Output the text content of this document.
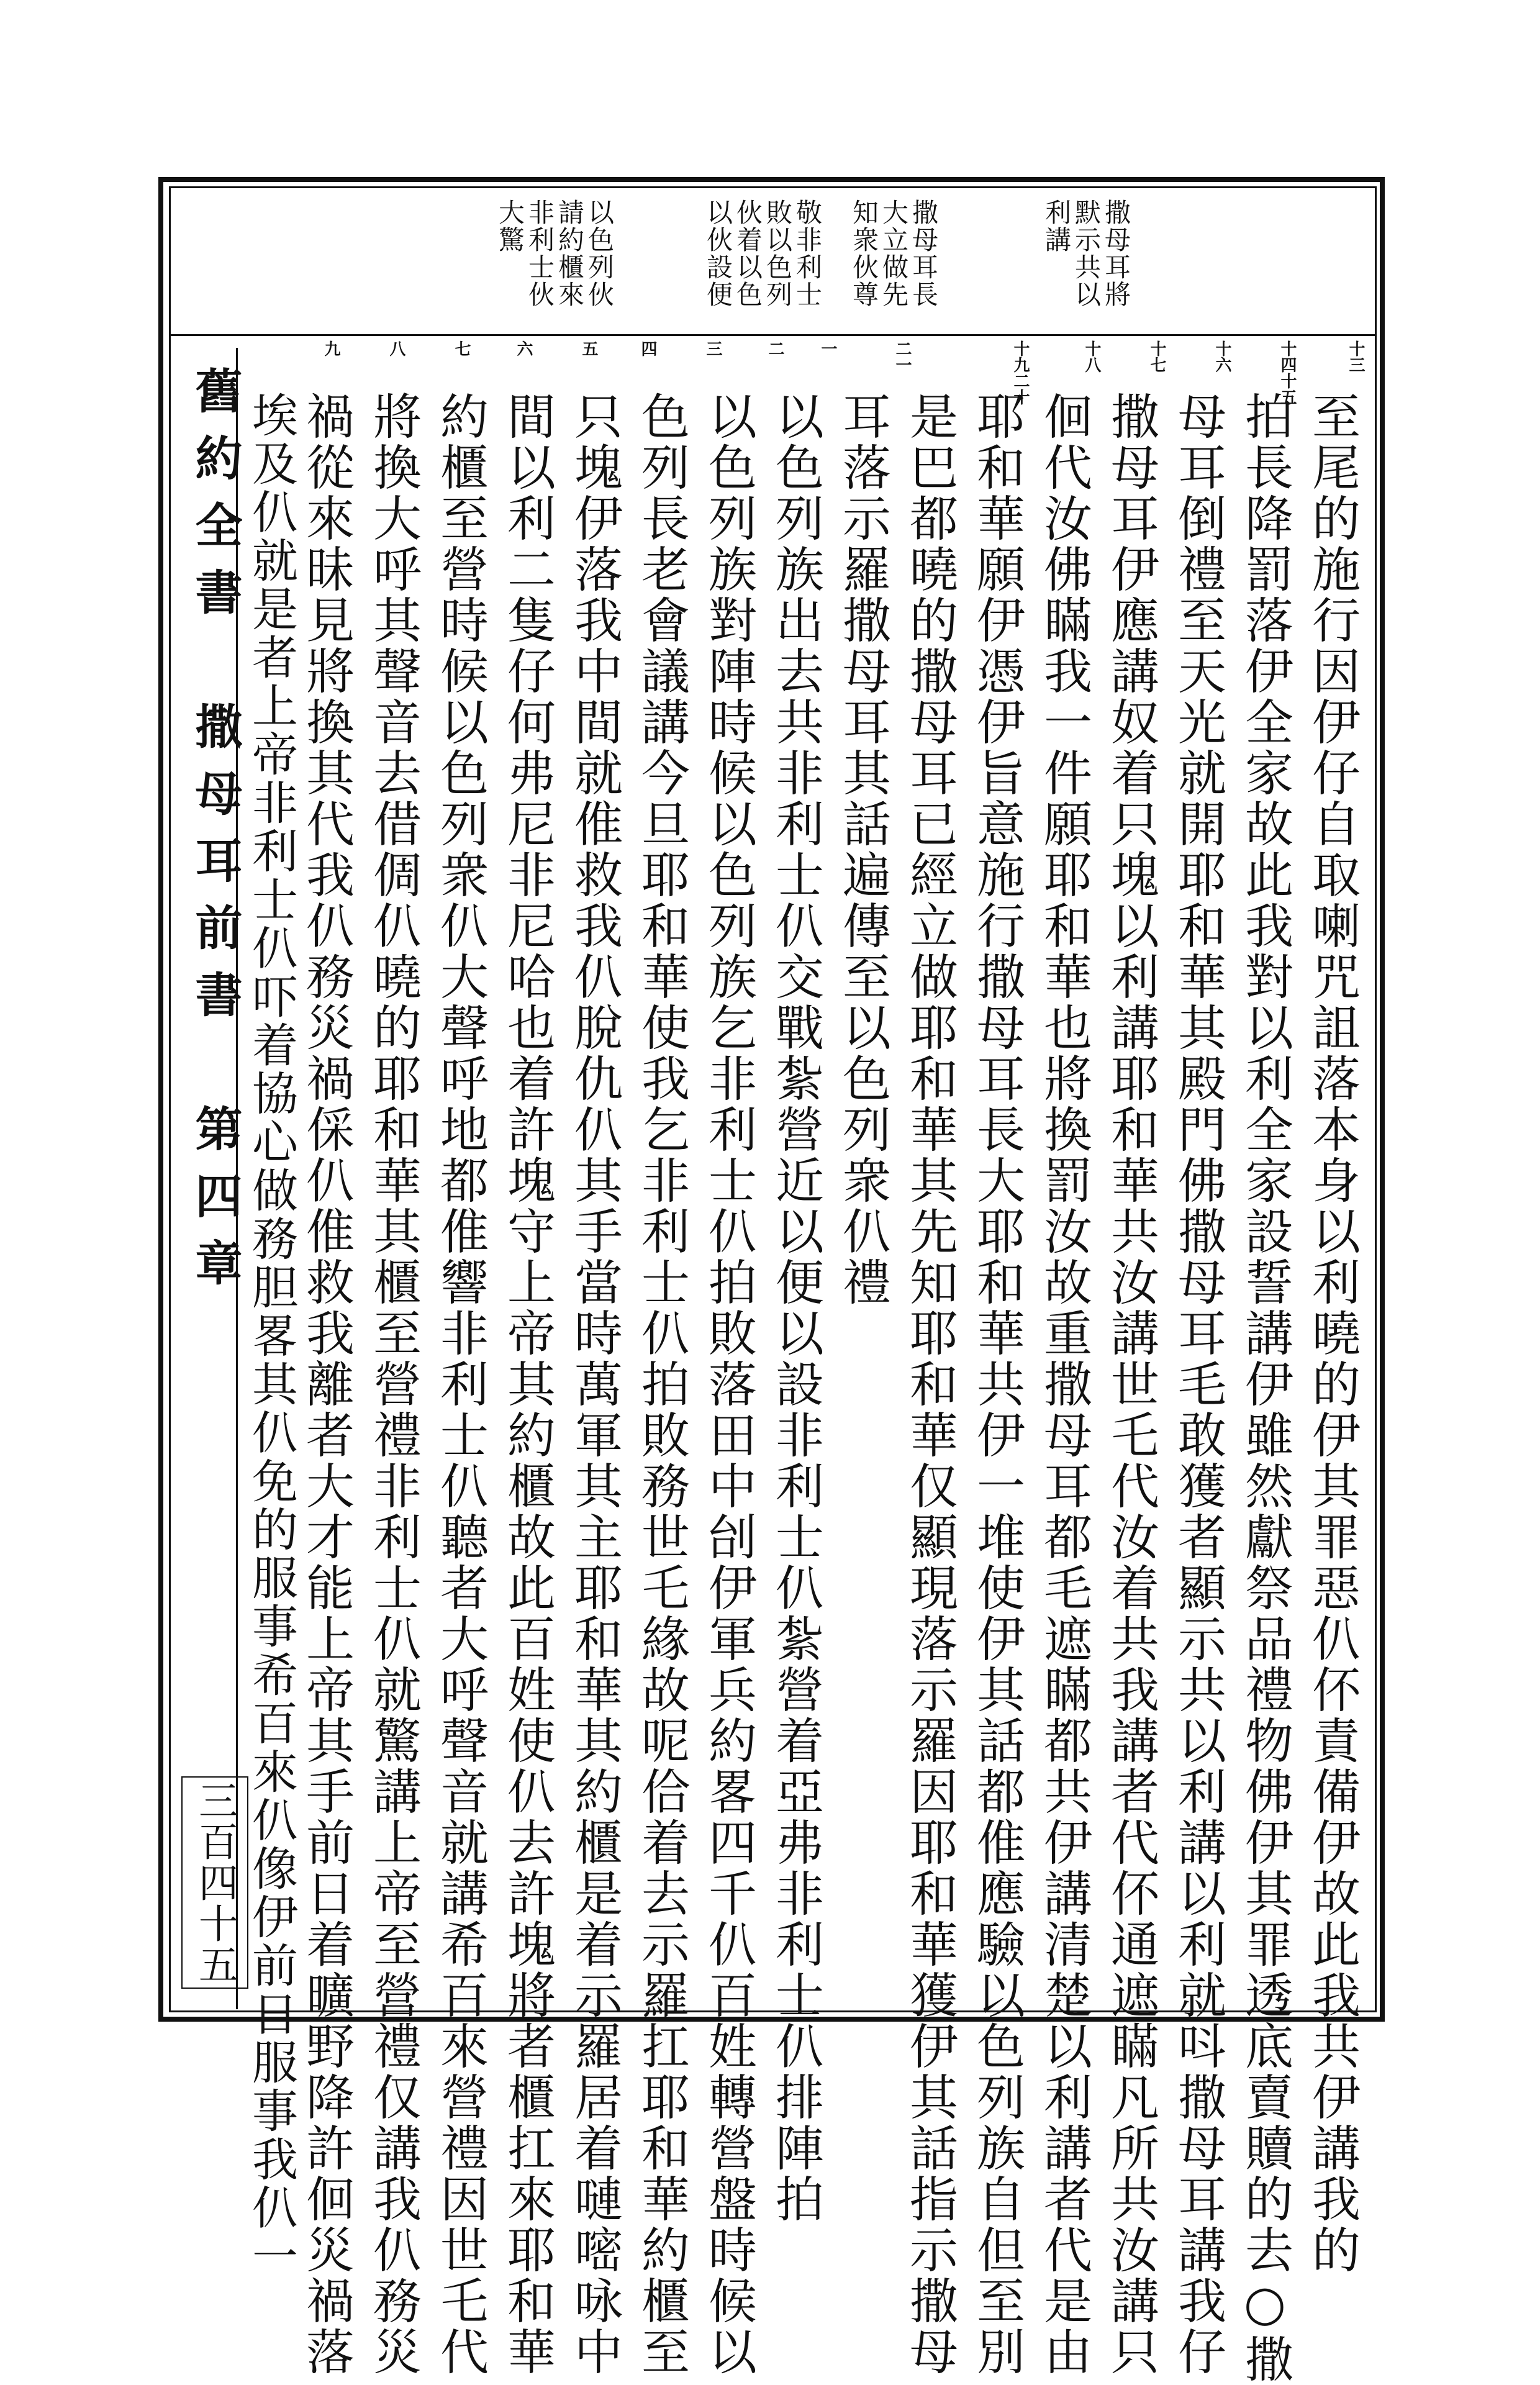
舊約全書　撒母耳前書　第四章
三百四十五
撒母耳將
默示共以
利講
撒母耳長
大立做先
知衆伙尊
敬非利士
敗以色列
伙着以色
以伙設便
以色列伙
請約櫃來
非利士伙
大驚
十三
十四十五
十六
十七
十八
十九二十
二一
一
二
三
四
五
六
七
八
九
至尾的施行因伊仔自取喇咒詛落本身以利曉的伊其罪惡仈伓責備伊故此我共伊講我的
拍長降罰落伊全家故此我對以利全家設誓講伊雖然獻祭品禮物佛伊其罪透底賣贖的去○撒
母耳倒禮至天光就開耶和華其殿門佛撒母耳毛敢獲者顯示共以利講以利就呌撒母耳講我仔
撒母耳伊應講奴着只塊以利講耶和華共汝講世乇代汝着共我講者代伓通遮瞞凡所共汝講只
佪代汝佛瞞我一件願耶和華也將換罰汝故重撒母耳都毛遮瞞都共伊講清楚以利講者代是由
耶和華願伊憑伊旨意施行撒母耳長大耶和華共伊一堆使伊其話都倠應驗以色列族自但至別
是巴都曉的撒母耳已經立做耶和華其先知耶和華仅顯現落示羅因耶和華獲伊其話指示撒母
耳落示羅撒母耳其話遍傳至以色列衆仈禮
以色列族出去共非利士仈交戰紮營近以便以設非利士仈紮營着亞弗非利士仈排陣拍
以色列族對陣時候以色列族乞非利士仈拍敗落田中刣伊軍兵約畧四千仈百姓轉營盤時候以
色列長老會議講今旦耶和華使我乞非利士仈拍敗務世乇緣故呢佮着去示羅扛耶和華約櫃至
只塊伊落我中間就倠救我仈脫仇仈其手當時萬軍其主耶和華其約櫃是着示羅居着嗹嘧咏中
間以利二隻仔何弗尼非尼哈也着許塊守上帝其約櫃故此百姓使仈去許塊將者櫃扛來耶和華
約櫃至營時候以色列衆仈大聲呼地都倠響非利士仈聽者大呼聲音就講希百來營禮因世乇代
將換大呼其聲音去借倜仈曉的耶和華其櫃至營禮非利士仈就驚講上帝至營禮仅講我仈務災
禍從來昧見將換其代我仈務災禍倸仈倠救我離者大才能上帝其手前日着曠野降許佪災禍落
埃及仈就是者上帝非利士仈吓着協心做務胆畧其仈免的服事希百來仈像伊前日服事我仈一
